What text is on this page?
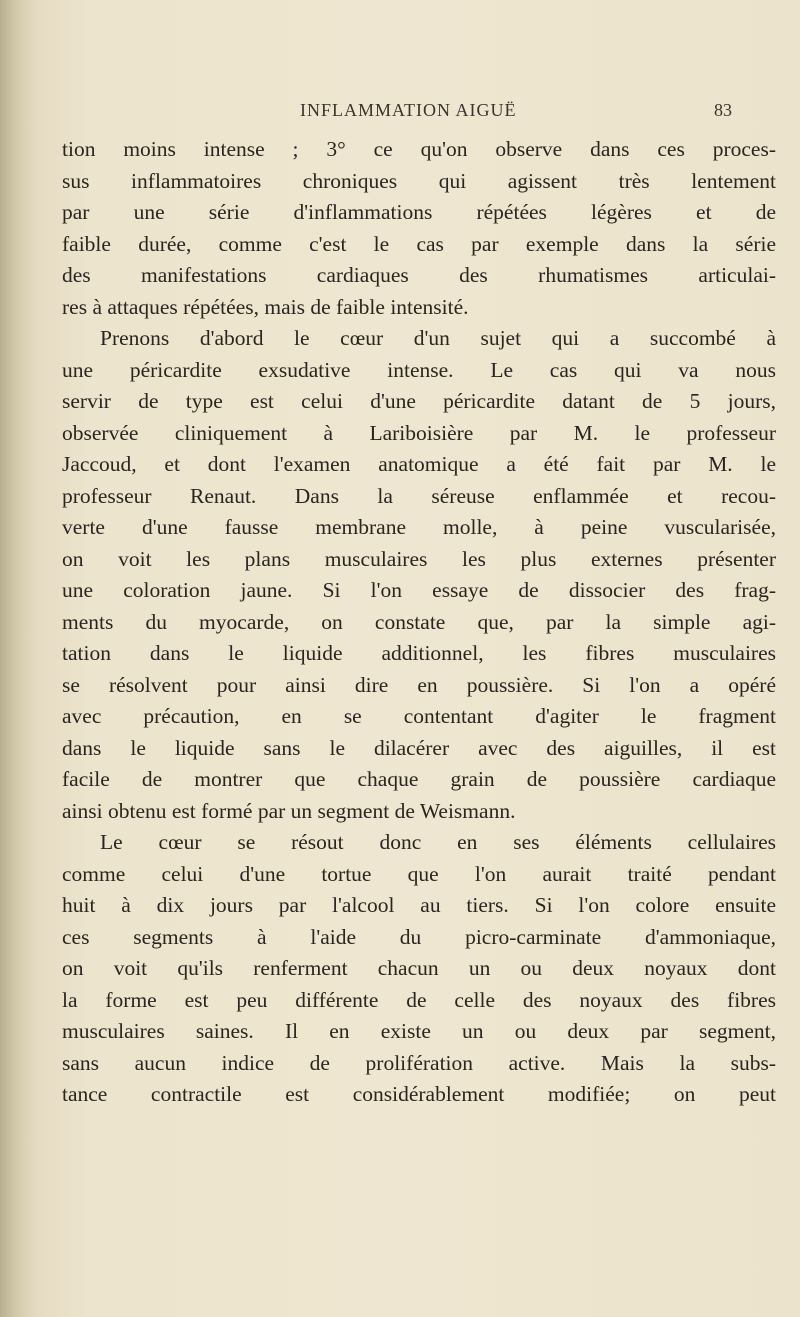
INFLAMMATION AIGUË	83
tion moins intense ; 3° ce qu'on observe dans ces proces-
sus inflammatoires chroniques qui agissent très lentement
par une série d'inflammations répétées légères et de
faible durée, comme c'est le cas par exemple dans la série
des manifestations cardiaques des rhumatismes articulai-
res à attaques répétées, mais de faible intensité.
Prenons d'abord le cœur d'un sujet qui a succombé à
une péricardite exsudative intense. Le cas qui va nous
servir de type est celui d'une péricardite datant de 5 jours,
observée cliniquement à Lariboisière par M. le professeur
Jaccoud, et dont l'examen anatomique a été fait par M. le
professeur Renaut. Dans la séreuse enflammée et recou-
verte d'une fausse membrane molle, à peine vuscularisée,
on voit les plans musculaires les plus externes présenter
une coloration jaune. Si l'on essaye de dissocier des frag-
ments du myocarde, on constate que, par la simple agi-
tation dans le liquide additionnel, les fibres musculaires
se résolvent pour ainsi dire en poussière. Si l'on a opéré
avec précaution, en se contentant d'agiter le fragment
dans le liquide sans le dilacérer avec des aiguilles, il est
facile de montrer que chaque grain de poussière cardiaque
ainsi obtenu est formé par un segment de Weismann.
Le cœur se résout donc en ses éléments cellulaires
comme celui d'une tortue que l'on aurait traité pendant
huit à dix jours par l'alcool au tiers. Si l'on colore ensuite
ces segments à l'aide du picro-carminate d'ammoniaque,
on voit qu'ils renferment chacun un ou deux noyaux dont
la forme est peu différente de celle des noyaux des fibres
musculaires saines. Il en existe un ou deux par segment,
sans aucun indice de prolifération active. Mais la subs-
tance contractile est considérablement modifiée; on peut
